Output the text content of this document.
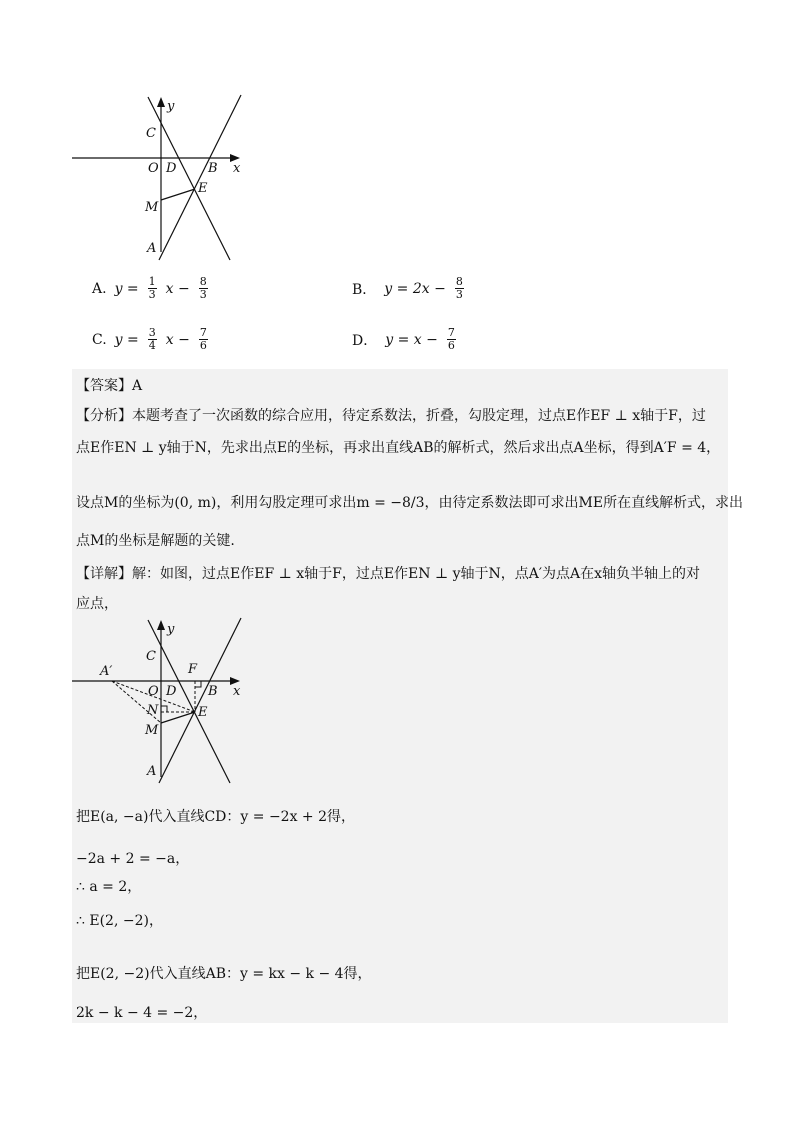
y
x
C
O D B
E
M
A
A. $y = \frac{1}{3}$ $x - \frac{8}{3}$	B． $y = 2x - \frac{8}{3}$
C. $y = \frac{3}{4}$ $x - \frac{7}{6}$	D． $y = x - \frac{7}{6}$
【答案】A
【分析】本题考查了一次函数的综合应用，待定系数法，折叠，勾股定理，过点E作EF ⊥ x轴于F，过
点E作EN ⊥ y轴于N，先求出点E的坐标，再求出直线AB的解析式，然后求出点A坐标，得到A′F = 4，
设点M的坐标为(0, m)，利用勾股定理可求出m = −8/3，由待定系数法即可求出ME所在直线解析式，求出
点M的坐标是解题的关键.
【详解】解：如图，过点E作EF ⊥ x轴于F，过点E作EN ⊥ y轴于N，点A′为点A在x轴负半轴上的对
应点，
y
x
C
F
A′
O D B
N	E
M
A
把E(a, −a)代入直线CD：y = −2x + 2得，
−2a + 2 = −a，
∴ a = 2，
∴ E(2, −2)，
把E(2, −2)代入直线AB：y = kx − k − 4得，
2k − k − 4 = −2，
